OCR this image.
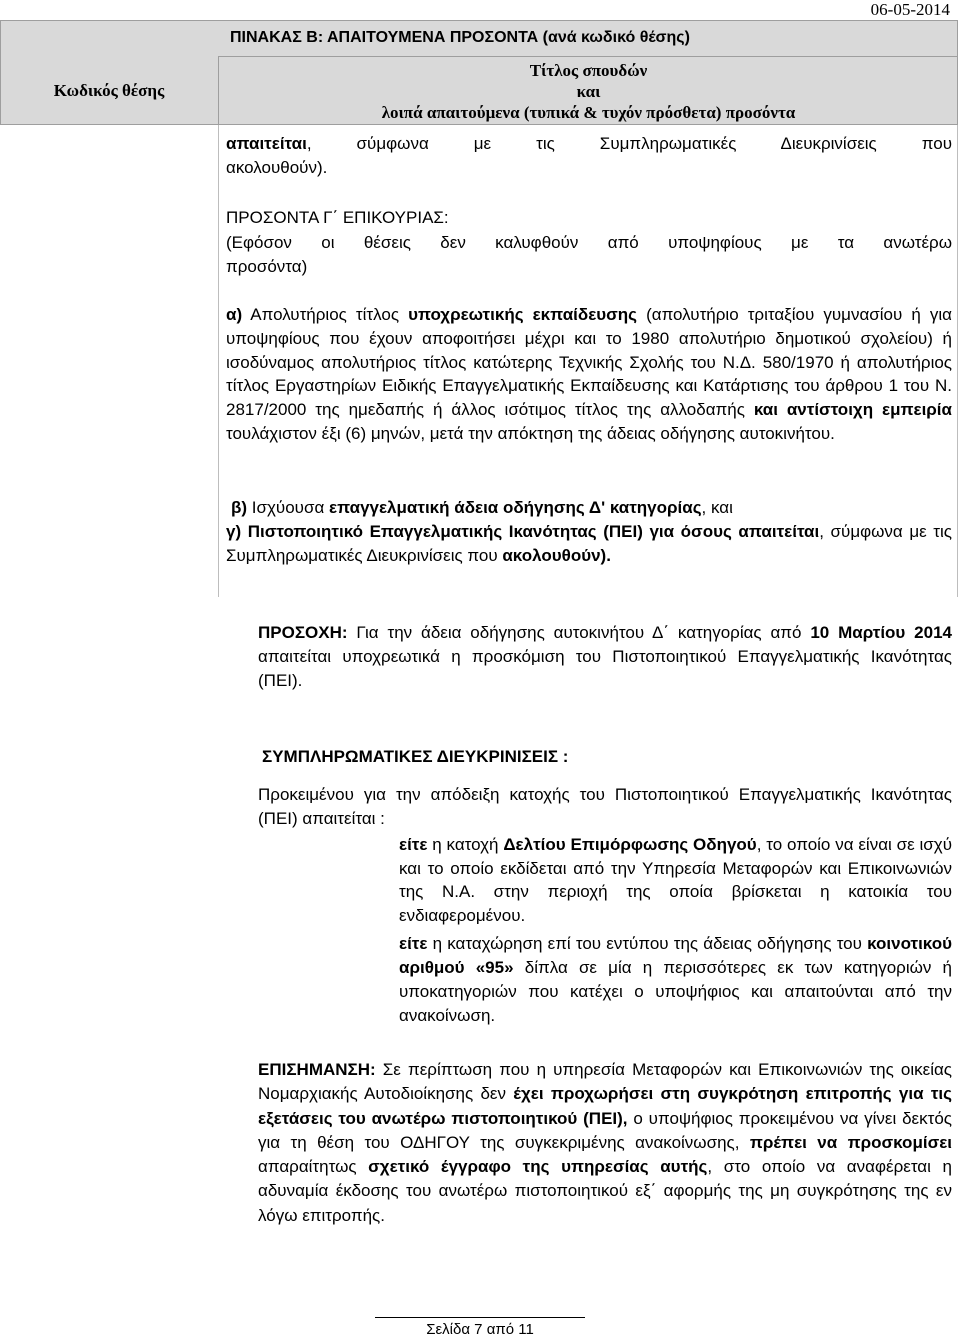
06-05-2014
ΠΙΝΑΚΑΣ Β: ΑΠΑΙΤΟΥΜΕΝΑ ΠΡΟΣΟΝΤΑ (ανά κωδικό θέσης)
Κωδικός θέσης
Τίτλος σπουδών
και
λοιπά απαιτούμενα (τυπικά & τυχόν πρόσθετα) προσόντα
απαιτείται, σύμφωνα με τις Συμπληρωματικές Διευκρινίσεις που
ακολουθούν).
ΠΡΟΣΟΝΤΑ Γ΄ ΕΠΙΚΟΥΡΙΑΣ:
(Εφόσον οι θέσεις δεν καλυφθούν από υποψηφίους με τα ανωτέρω
προσόντα)
α) Απολυτήριος τίτλος υποχρεωτικής εκπαίδευσης (απολυτήριο τριταξίου γυμνασίου ή για υποψηφίους που έχουν αποφοιτήσει μέχρι και το 1980 απολυτήριο δημοτικού σχολείου) ή ισοδύναμος απολυτήριος τίτλος κατώτερης Τεχνικής Σχολής του Ν.Δ. 580/1970 ή απολυτήριος τίτλος Εργαστηρίων Ειδικής Επαγγελματικής Εκπαίδευσης και Κατάρτισης του άρθρου 1 του Ν. 2817/2000 της ημεδαπής ή άλλος ισότιμος τίτλος της αλλοδαπής και αντίστοιχη εμπειρία τουλάχιστον έξι (6) μηνών, μετά την απόκτηση της άδειας οδήγησης αυτοκινήτου.
β) Ισχύουσα επαγγελματική άδεια οδήγησης Δ' κατηγορίας, και
γ) Πιστοποιητικό Επαγγελματικής Ικανότητας (ΠΕΙ) για όσους απαιτείται, σύμφωνα με τις Συμπληρωματικές Διευκρινίσεις που ακολουθούν).
ΠΡΟΣΟΧΗ: Για την άδεια οδήγησης αυτοκινήτου Δ΄ κατηγορίας από 10 Μαρτίου 2014 απαιτείται υποχρεωτικά η προσκόμιση του Πιστοποιητικού Επαγγελματικής Ικανότητας (ΠΕΙ).
ΣΥΜΠΛΗΡΩΜΑΤΙΚΕΣ ΔΙΕΥΚΡΙΝΙΣΕΙΣ :
Προκειμένου για την απόδειξη κατοχής του Πιστοποιητικού Επαγγελματικής Ικανότητας (ΠΕΙ) απαιτείται :
είτε η κατοχή Δελτίου Επιμόρφωσης Οδηγού, το οποίο να είναι σε ισχύ και το οποίο εκδίδεται από την Υπηρεσία Μεταφορών και Επικοινωνιών της Ν.Α. στην περιοχή της οποία βρίσκεται η κατοικία του ενδιαφερομένου.
είτε η καταχώρηση επί του εντύπου της άδειας οδήγησης του κοινοτικού αριθμού «95» δίπλα σε μία η περισσότερες εκ των κατηγοριών ή υποκατηγοριών που κατέχει ο υποψήφιος και απαιτούνται από την ανακοίνωση.
ΕΠΙΣΗΜΑΝΣΗ: Σε περίπτωση που η υπηρεσία Μεταφορών και Επικοινωνιών της οικείας Νομαρχιακής Αυτοδιοίκησης δεν έχει προχωρήσει στη συγκρότηση επιτροπής για τις εξετάσεις του ανωτέρω πιστοποιητικού (ΠΕΙ), ο υποψήφιος προκειμένου να γίνει δεκτός για τη θέση του ΟΔΗΓΟΥ της συγκεκριμένης ανακοίνωσης, πρέπει να προσκομίσει απαραίτητως σχετικό έγγραφο της υπηρεσίας αυτής, στο οποίο να αναφέρεται η αδυναμία έκδοσης του ανωτέρω πιστοποιητικού εξ΄ αφορμής της μη συγκρότησης της εν λόγω επιτροπής.
Σελίδα 7 από 11
